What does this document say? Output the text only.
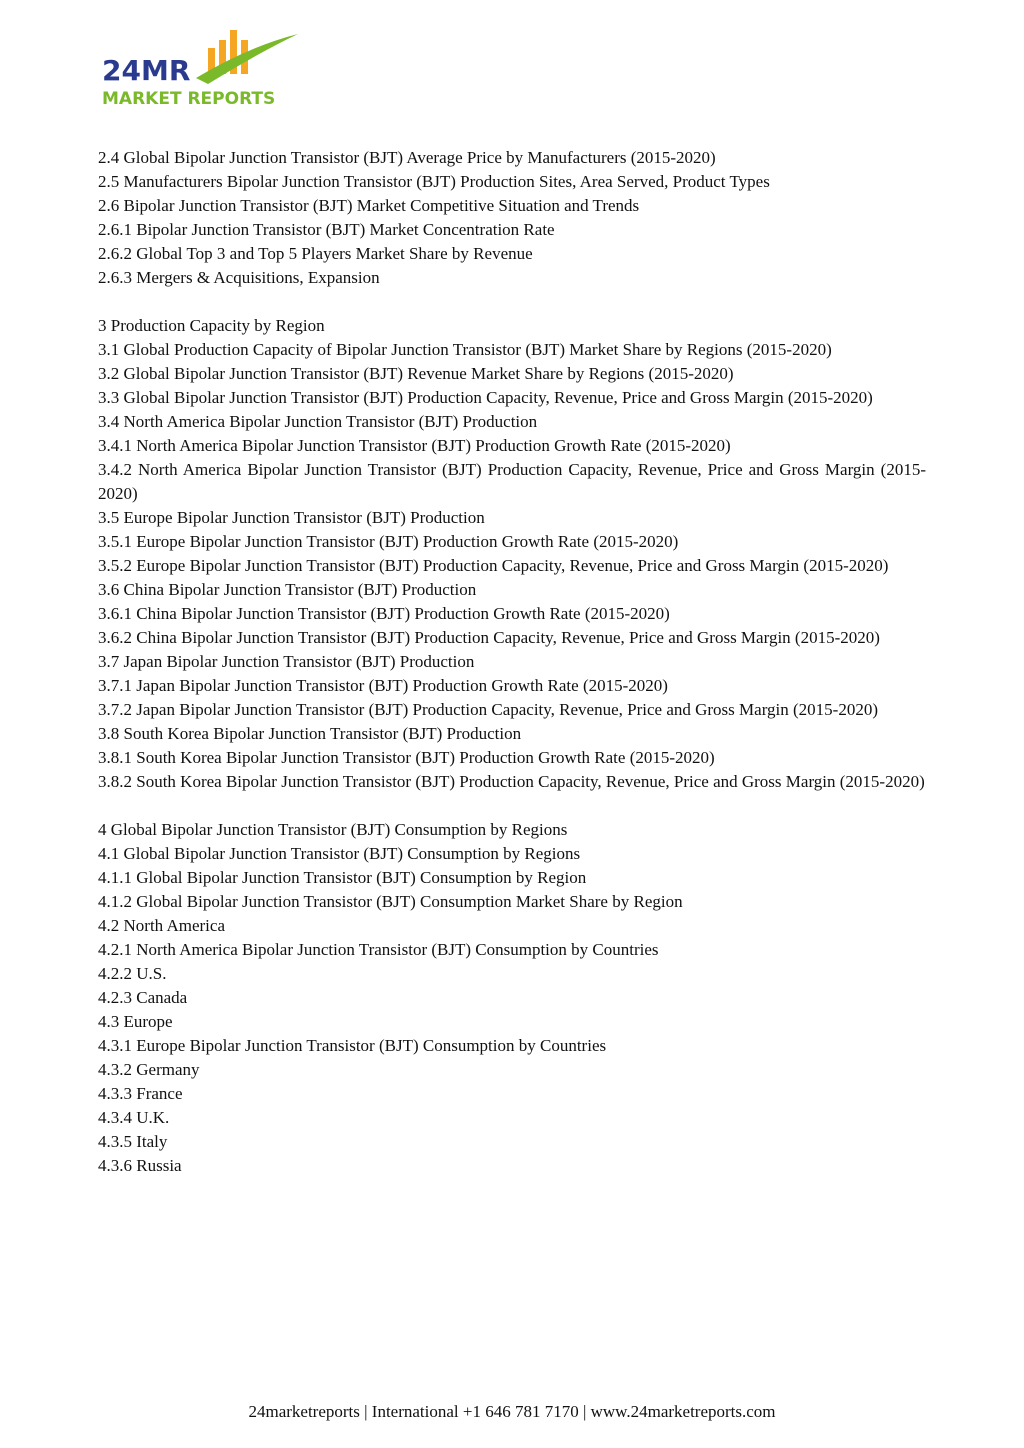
24MR
MARKET REPORTS
2.4 Global Bipolar Junction Transistor (BJT) Average Price by Manufacturers (2015-2020)
2.5 Manufacturers Bipolar Junction Transistor (BJT) Production Sites, Area Served, Product Types
2.6 Bipolar Junction Transistor (BJT) Market Competitive Situation and Trends
2.6.1 Bipolar Junction Transistor (BJT) Market Concentration Rate
2.6.2 Global Top 3 and Top 5 Players Market Share by Revenue
2.6.3 Mergers & Acquisitions, Expansion
3 Production Capacity by Region
3.1 Global Production Capacity of Bipolar Junction Transistor (BJT) Market Share by Regions (2015-2020)
3.2 Global Bipolar Junction Transistor (BJT) Revenue Market Share by Regions (2015-2020)
3.3 Global Bipolar Junction Transistor (BJT) Production Capacity, Revenue, Price and Gross Margin (2015-2020)
3.4 North America Bipolar Junction Transistor (BJT) Production
3.4.1 North America Bipolar Junction Transistor (BJT) Production Growth Rate (2015-2020)
3.4.2 North America Bipolar Junction Transistor (BJT) Production Capacity, Revenue, Price and Gross Margin (2015-2020)
3.5 Europe Bipolar Junction Transistor (BJT) Production
3.5.1 Europe Bipolar Junction Transistor (BJT) Production Growth Rate (2015-2020)
3.5.2 Europe Bipolar Junction Transistor (BJT) Production Capacity, Revenue, Price and Gross Margin (2015-2020)
3.6 China Bipolar Junction Transistor (BJT) Production
3.6.1 China Bipolar Junction Transistor (BJT) Production Growth Rate (2015-2020)
3.6.2 China Bipolar Junction Transistor (BJT) Production Capacity, Revenue, Price and Gross Margin (2015-2020)
3.7 Japan Bipolar Junction Transistor (BJT) Production
3.7.1 Japan Bipolar Junction Transistor (BJT) Production Growth Rate (2015-2020)
3.7.2 Japan Bipolar Junction Transistor (BJT) Production Capacity, Revenue, Price and Gross Margin (2015-2020)
3.8 South Korea Bipolar Junction Transistor (BJT) Production
3.8.1 South Korea Bipolar Junction Transistor (BJT) Production Growth Rate (2015-2020)
3.8.2 South Korea Bipolar Junction Transistor (BJT) Production Capacity, Revenue, Price and Gross Margin (2015-2020)
4 Global Bipolar Junction Transistor (BJT) Consumption by Regions
4.1 Global Bipolar Junction Transistor (BJT) Consumption by Regions
4.1.1 Global Bipolar Junction Transistor (BJT) Consumption by Region
4.1.2 Global Bipolar Junction Transistor (BJT) Consumption Market Share by Region
4.2 North America
4.2.1 North America Bipolar Junction Transistor (BJT) Consumption by Countries
4.2.2 U.S.
4.2.3 Canada
4.3 Europe
4.3.1 Europe Bipolar Junction Transistor (BJT) Consumption by Countries
4.3.2 Germany
4.3.3 France
4.3.4 U.K.
4.3.5 Italy
4.3.6 Russia
24marketreports | International +1 646 781 7170 | www.24marketreports.com
